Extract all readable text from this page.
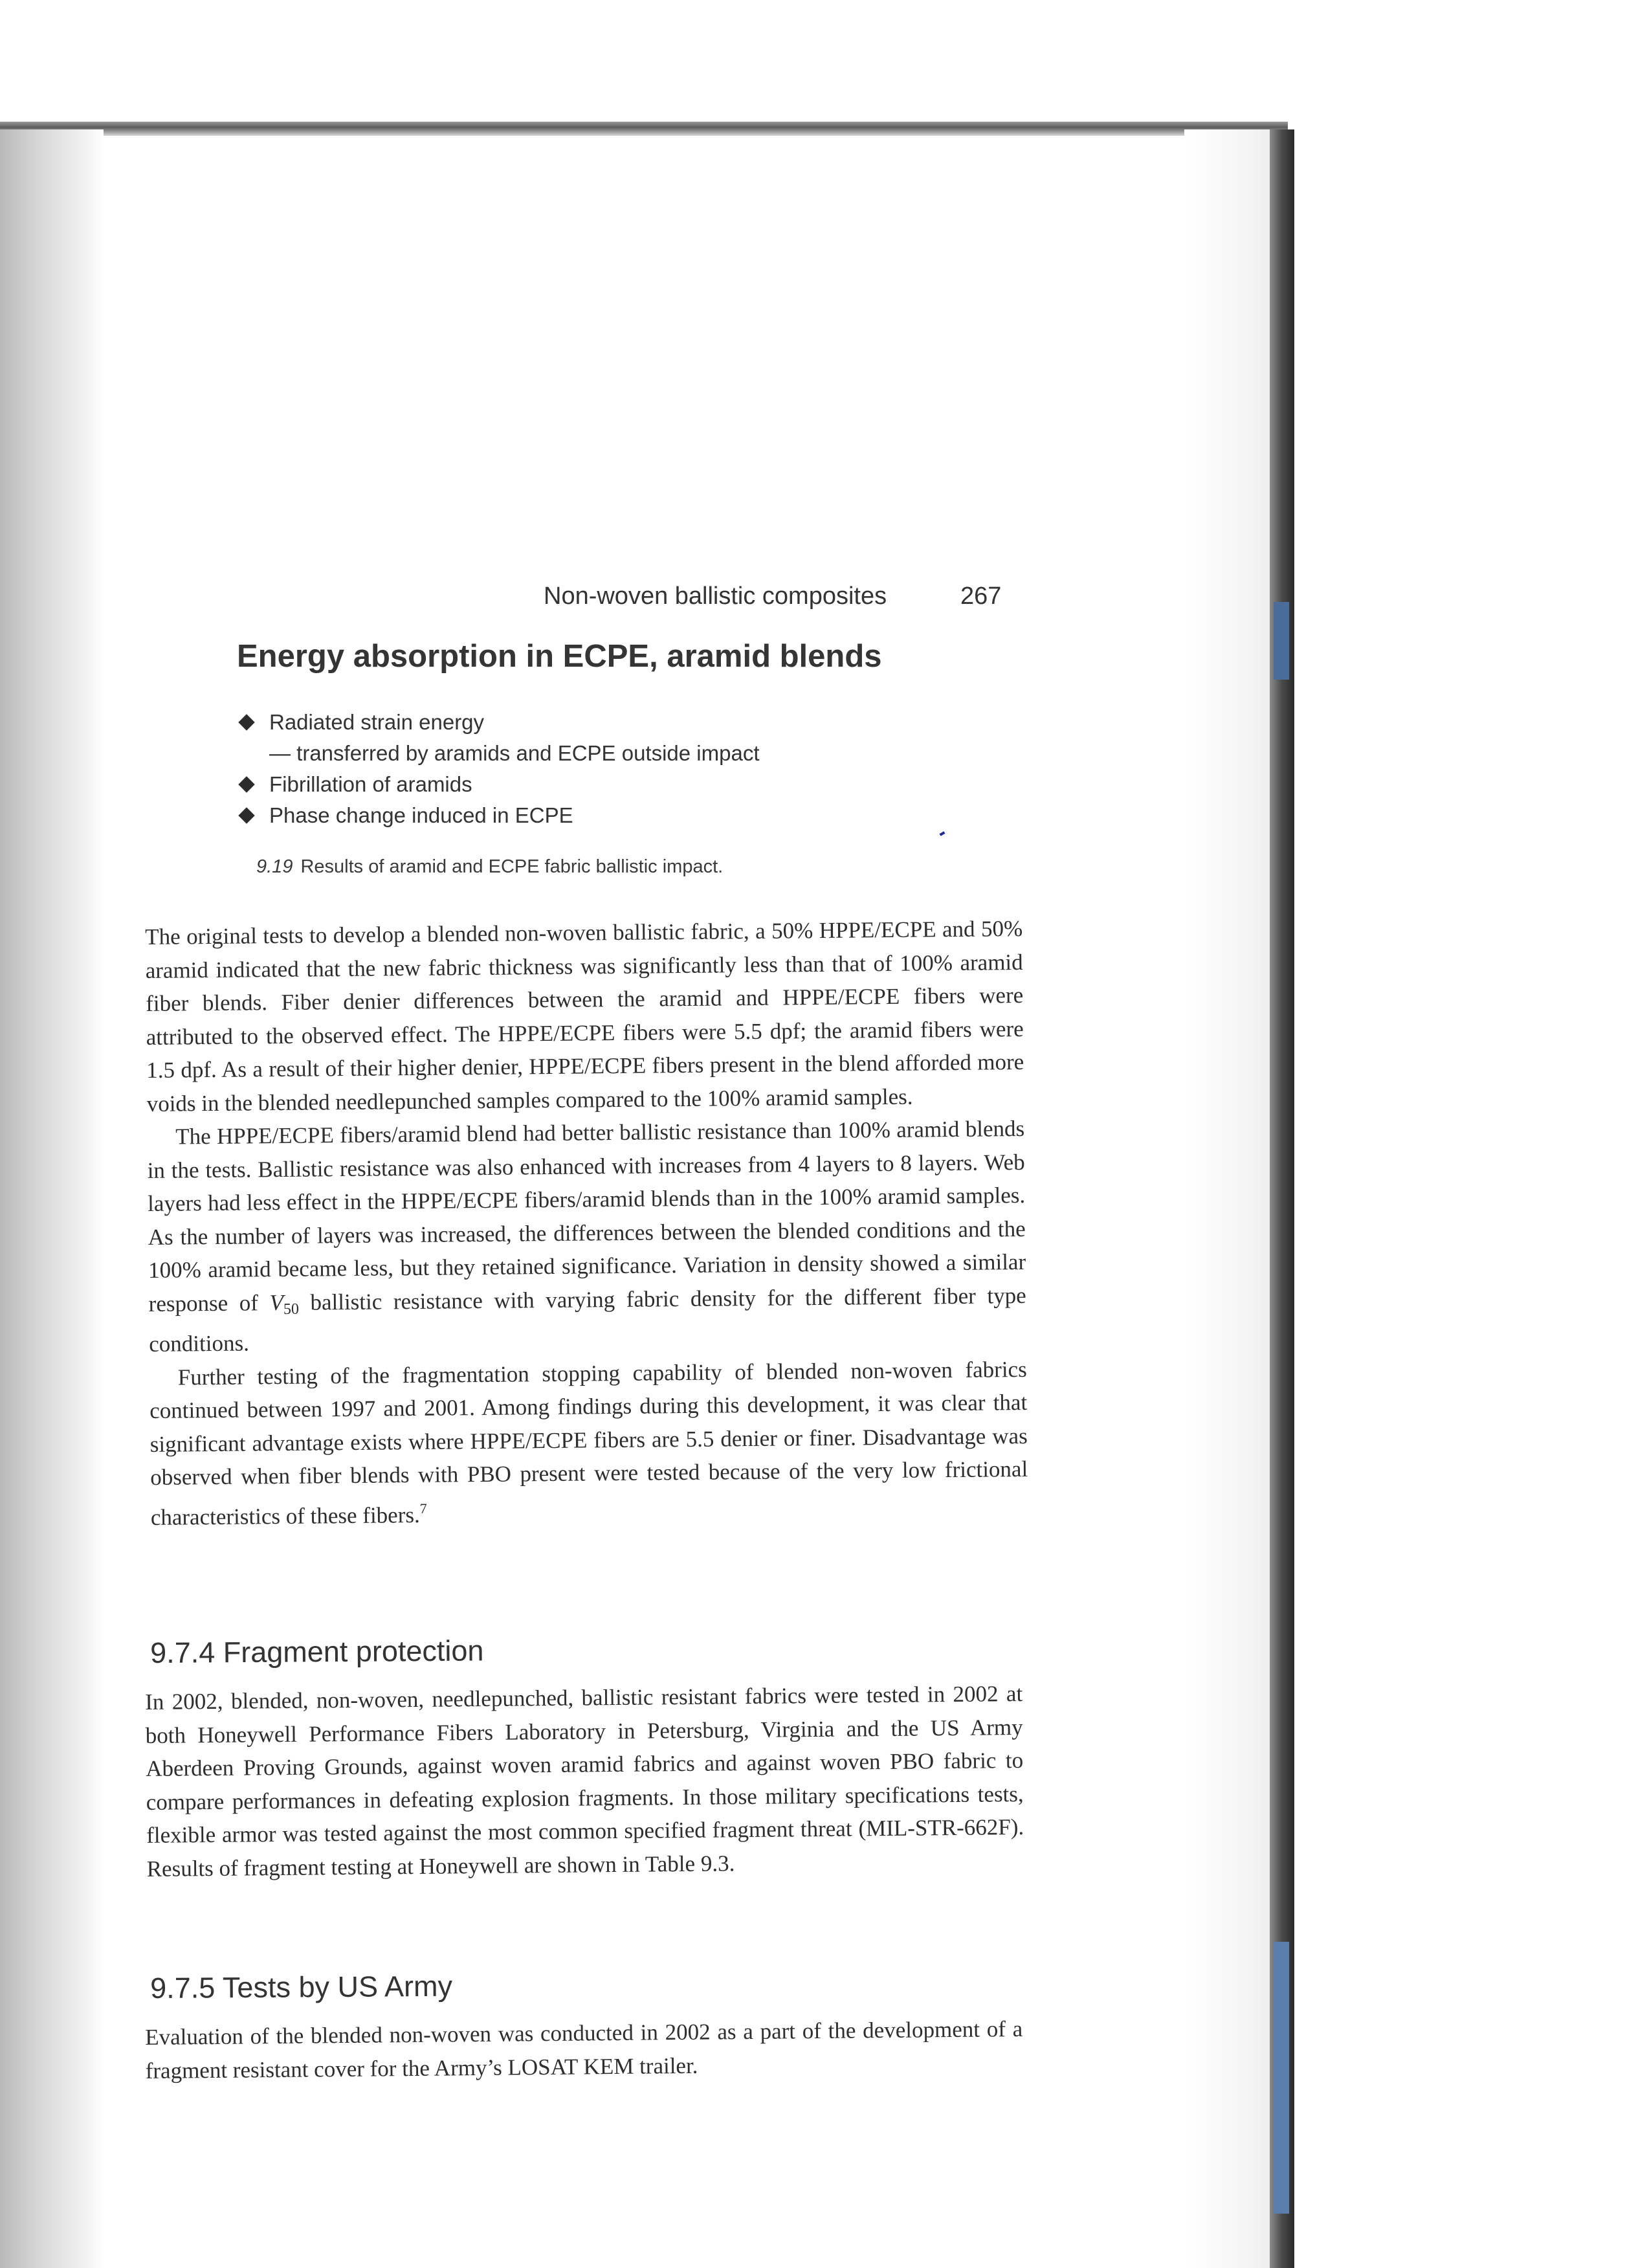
Non-woven ballistic composites	267
Energy absorption in ECPE, aramid blends
Radiated strain energy
— transferred by aramids and ECPE outside impact
Fibrillation of aramids
Phase change induced in ECPE
9.19 Results of aramid and ECPE fabric ballistic impact.

The original tests to develop a blended non-woven ballistic fabric, a 50% HPPE/ECPE and 50% aramid indicated that the new fabric thickness was significantly less than that of 100% aramid fiber blends. Fiber denier differences between the aramid and HPPE/ECPE fibers were attributed to the observed effect. The HPPE/ECPE fibers were 5.5 dpf; the aramid fibers were 1.5 dpf. As a result of their higher denier, HPPE/ECPE fibers present in the blend afforded more voids in the blended needlepunched samples compared to the 100% aramid samples.

The HPPE/ECPE fibers/aramid blend had better ballistic resistance than 100% aramid blends in the tests. Ballistic resistance was also enhanced with increases from 4 layers to 8 layers. Web layers had less effect in the HPPE/ECPE fibers/aramid blends than in the 100% aramid samples. As the number of layers was increased, the differences between the blended conditions and the 100% aramid became less, but they retained significance. Variation in density showed a similar response of V50 ballistic resistance with varying fabric density for the different fiber type conditions.

Further testing of the fragmentation stopping capability of blended non-woven fabrics continued between 1997 and 2001. Among findings during this development, it was clear that significant advantage exists where HPPE/ECPE fibers are 5.5 denier or finer. Disadvantage was observed when fiber blends with PBO present were tested because of the very low frictional characteristics of these fibers.$^7$

9.7.4 Fragment protection

In 2002, blended, non-woven, needlepunched, ballistic resistant fabrics were tested in 2002 at both Honeywell Performance Fibers Laboratory in Petersburg, Virginia and the US Army Aberdeen Proving Grounds, against woven aramid fabrics and against woven PBO fabric to compare performances in defeating explosion fragments. In those military specifications tests, flexible armor was tested against the most common specified fragment threat (MIL-STR-662F). Results of fragment testing at Honeywell are shown in Table 9.3.

9.7.5 Tests by US Army

Evaluation of the blended non-woven was conducted in 2002 as a part of the development of a fragment resistant cover for the Army’s LOSAT KEM trailer.
